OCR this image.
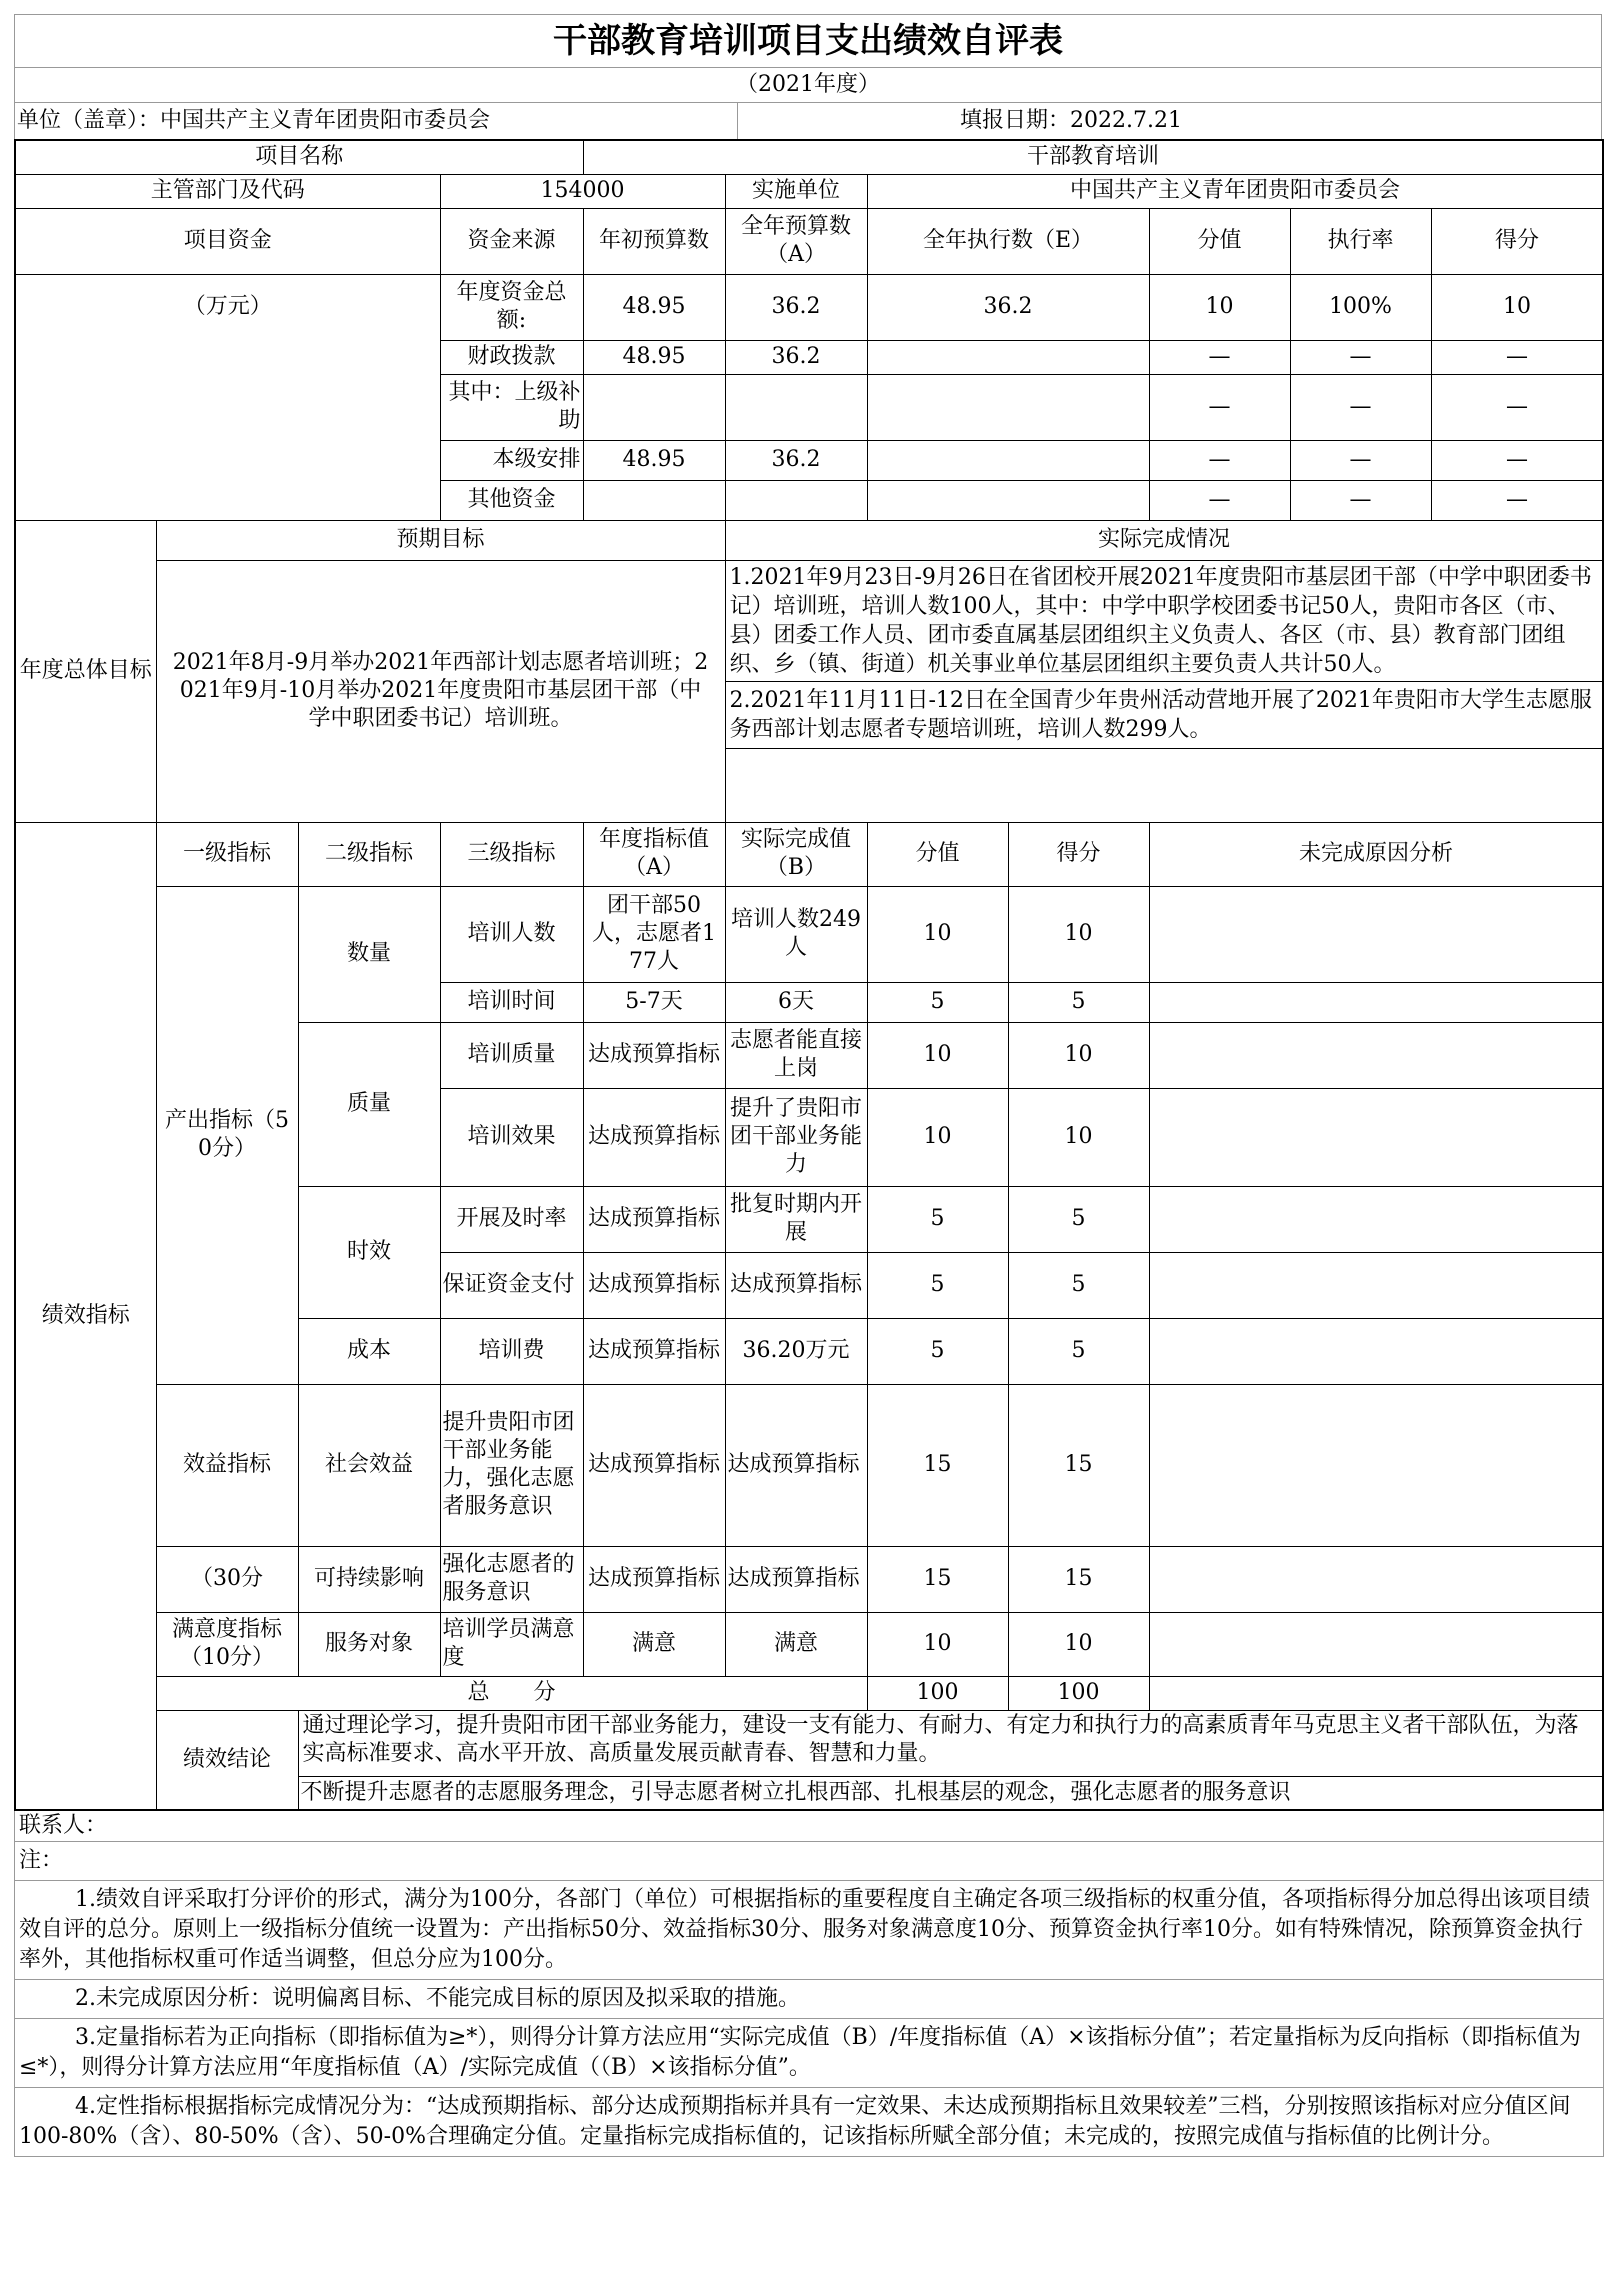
干部教育培训项目支出绩效自评表
（2021年度）
单位（盖章）：中国共产主义青年团贵阳市委员会	填报日期：2022.7.21
项目名称				干部教育培训						
主管部门及代码			154000		实施单位	中国共产主义青年团贵阳市委员会				
项目资金			资金来源	年初预算数	全年预算数（A）	全年执行数（E）		分值	执行率	得分
（万元）			年度资金总额:	48.95	36.2	36.2		10	100%	10
			财政拨款	48.95	36.2			—	—	—
			其中：上级补助					—	—	—
			本级安排	48.95	36.2			—	—	—
			其他资金					—	—	—
年度总体目标	预期目标				实际完成情况					
	2021年8月-9月举办2021年西部计划志愿者培训班；2021年9月-10月举办2021年度贵阳市基层团干部（中学中职团委书记）培训班。				1.2021年9月23日-9月26日在省团校开展2021年度贵阳市基层团干部（中学中职团委书记）培训班，培训人数100人，其中：中学中职学校团委书记50人，贵阳市各区（市、县）团委工作人员、团市委直属基层团组织主义负责人、各区（市、县）教育部门团组织、乡（镇、街道）机关事业单位基层团组织主要负责人共计50人。
2.2021年11月11日-12日在全国青少年贵州活动营地开展了2021年贵阳市大学生志愿服务西部计划志愿者专题培训班，培训人数299人。					

绩效指标	一级指标	二级指标	三级指标	年度指标值（A）	实际完成值（B）	分值	得分	未完成原因分析		
	产出指标（50分）	数量	培训人数	团干部50人，志愿者177人	培训人数249人	10	10			
			培训时间	5-7天	6天	5	5			
		质量	培训质量	达成预算指标	志愿者能直接上岗	10	10			
			培训效果	达成预算指标	提升了贵阳市团干部业务能力	10	10			
		时效	开展及时率	达成预算指标	批复时期内开展	5	5			
			保证资金支付	达成预算指标	达成预算指标	5	5			
		成本	培训费	达成预算指标	36.20万元	5	5			
	效益指标	社会效益	提升贵阳市团干部业务能力，强化志愿者服务意识	达成预算指标	达成预算指标	15	15			
	（30分	可持续影响	强化志愿者的服务意识	达成预算指标	达成预算指标	15	15			
	满意度指标（10分）	服务对象	培训学员满意度	满意	满意	10	10			
	总　　分					100	100			
	绩效结论	通过理论学习，提升贵阳市团干部业务能力，建设一支有能力、有耐力、有定力和执行力的高素质青年马克思主义者干部队伍，为落实高标准要求、高水平开放、高质量发展贡献青春、智慧和力量。								
		不断提升志愿者的志愿服务理念，引导志愿者树立扎根西部、扎根基层的观念，强化志愿者的服务意识								
联系人：
注：
1.绩效自评采取打分评价的形式，满分为100分，各部门（单位）可根据指标的重要程度自主确定各项三级指标的权重分值，各项指标得分加总得出该项目绩效自评的总分。原则上一级指标分值统一设置为：产出指标50分、效益指标30分、服务对象满意度10分、预算资金执行率10分。如有特殊情况，除预算资金执行率外，其他指标权重可作适当调整，但总分应为100分。
2.未完成原因分析：说明偏离目标、不能完成目标的原因及拟采取的措施。
3.定量指标若为正向指标（即指标值为≥*），则得分计算方法应用“实际完成值（B）/年度指标值（A）×该指标分值”；若定量指标为反向指标（即指标值为≤*），则得分计算方法应用“年度指标值（A）/实际完成值（（B）×该指标分值”。
4.定性指标根据指标完成情况分为：“达成预期指标、部分达成预期指标并具有一定效果、未达成预期指标且效果较差”三档，分别按照该指标对应分值区间100-80%（含）、80-50%（含）、50-0%合理确定分值。定量指标完成指标值的，记该指标所赋全部分值；未完成的，按照完成值与指标值的比例计分。
